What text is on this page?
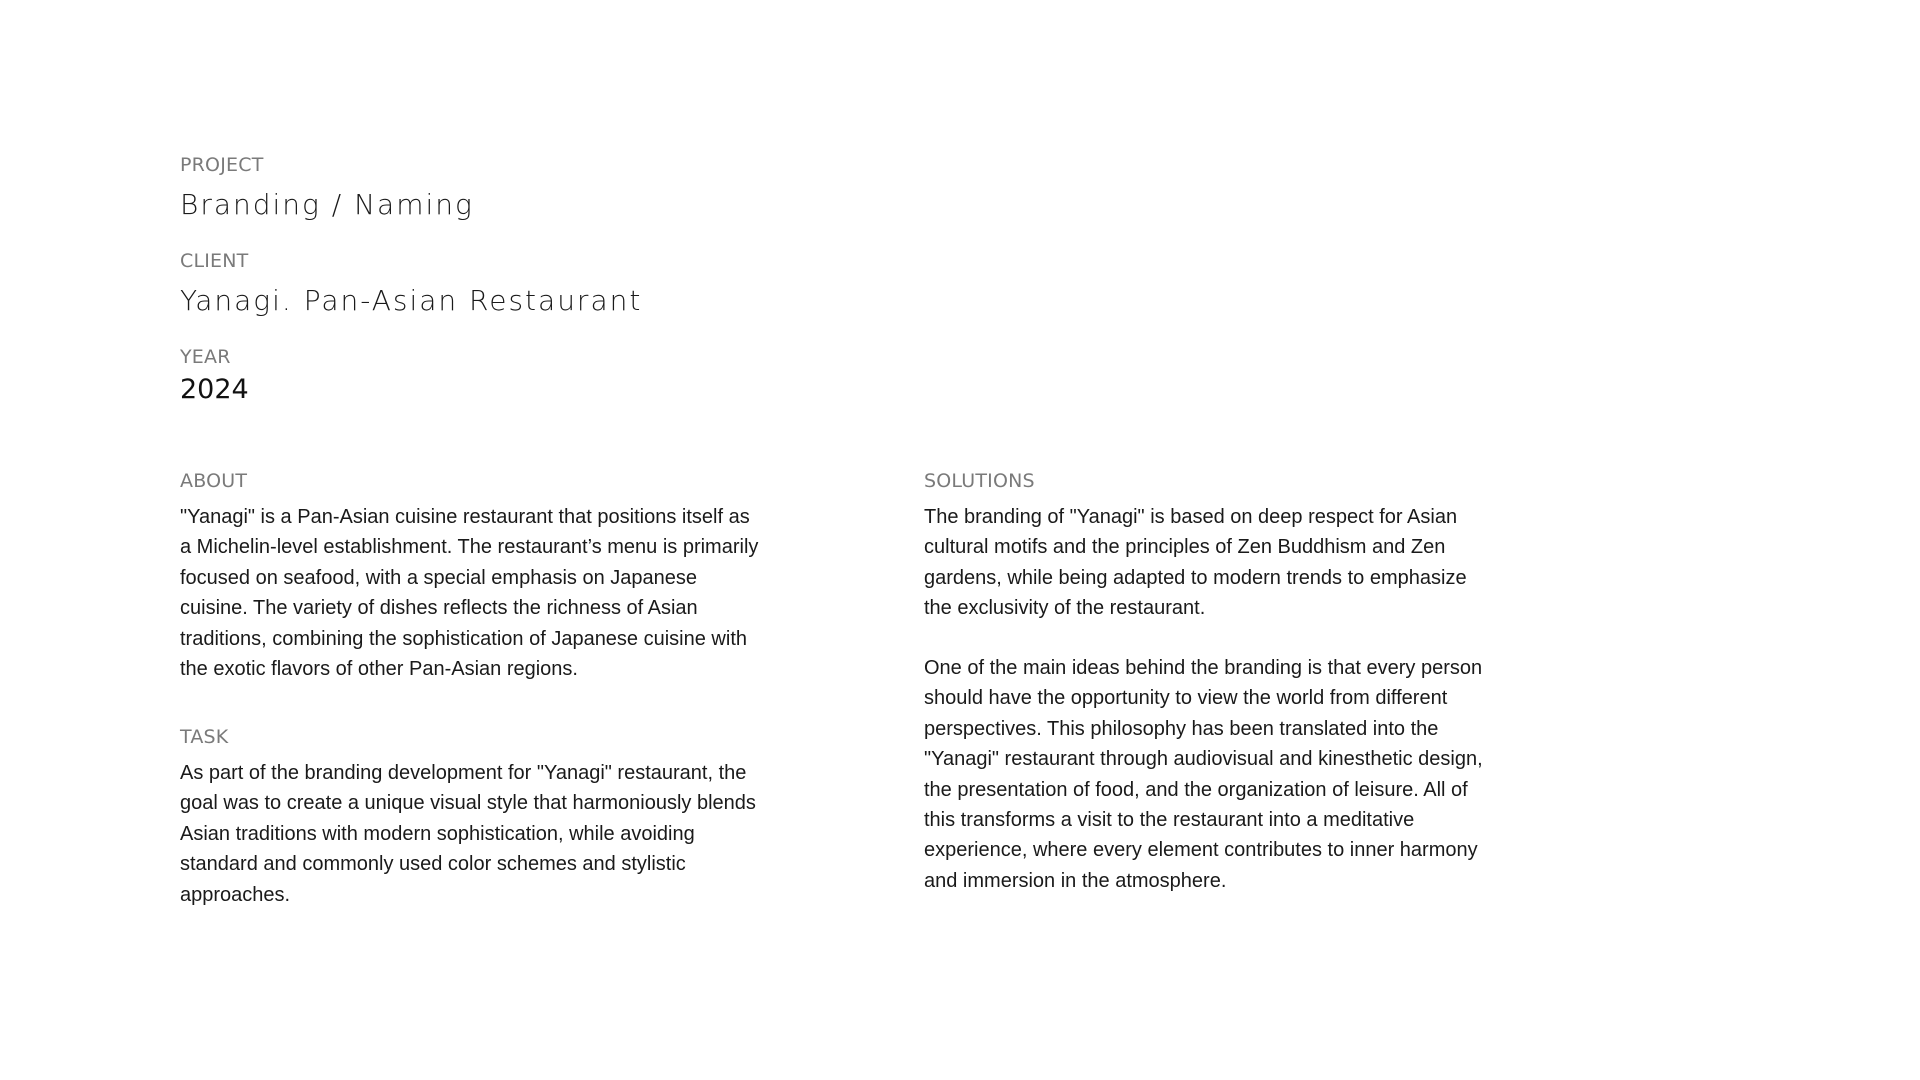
PROJECT
Branding / Naming
CLIENT
Yanagi. Pan-Asian Restaurant
YEAR
2024
ABOUT

"Yanagi" is a Pan-Asian cuisine restaurant that positions itself as a Michelin-level establishment. The restaurant’s menu is primarily focused on seafood, with a special emphasis on Japanese cuisine. The variety of dishes reflects the richness of Asian traditions, combining the sophistication of Japanese cuisine with the exotic flavors of other Pan-Asian regions.

TASK

As part of the branding development for "Yanagi" restaurant, the goal was to create a unique visual style that harmoniously blends Asian traditions with modern sophistication, while avoiding standard and commonly used color schemes and stylistic approaches.

SOLUTIONS

The branding of "Yanagi" is based on deep respect for Asian cultural motifs and the principles of Zen Buddhism and Zen gardens, while being adapted to modern trends to emphasize the exclusivity of the restaurant.

One of the main ideas behind the branding is that every person should have the opportunity to view the world from different perspectives. This philosophy has been translated into the "Yanagi" restaurant through audiovisual and kinesthetic design, the presentation of food, and the organization of leisure. All of this transforms a visit to the restaurant into a meditative experience, where every element contributes to inner harmony and immersion in the atmosphere.
